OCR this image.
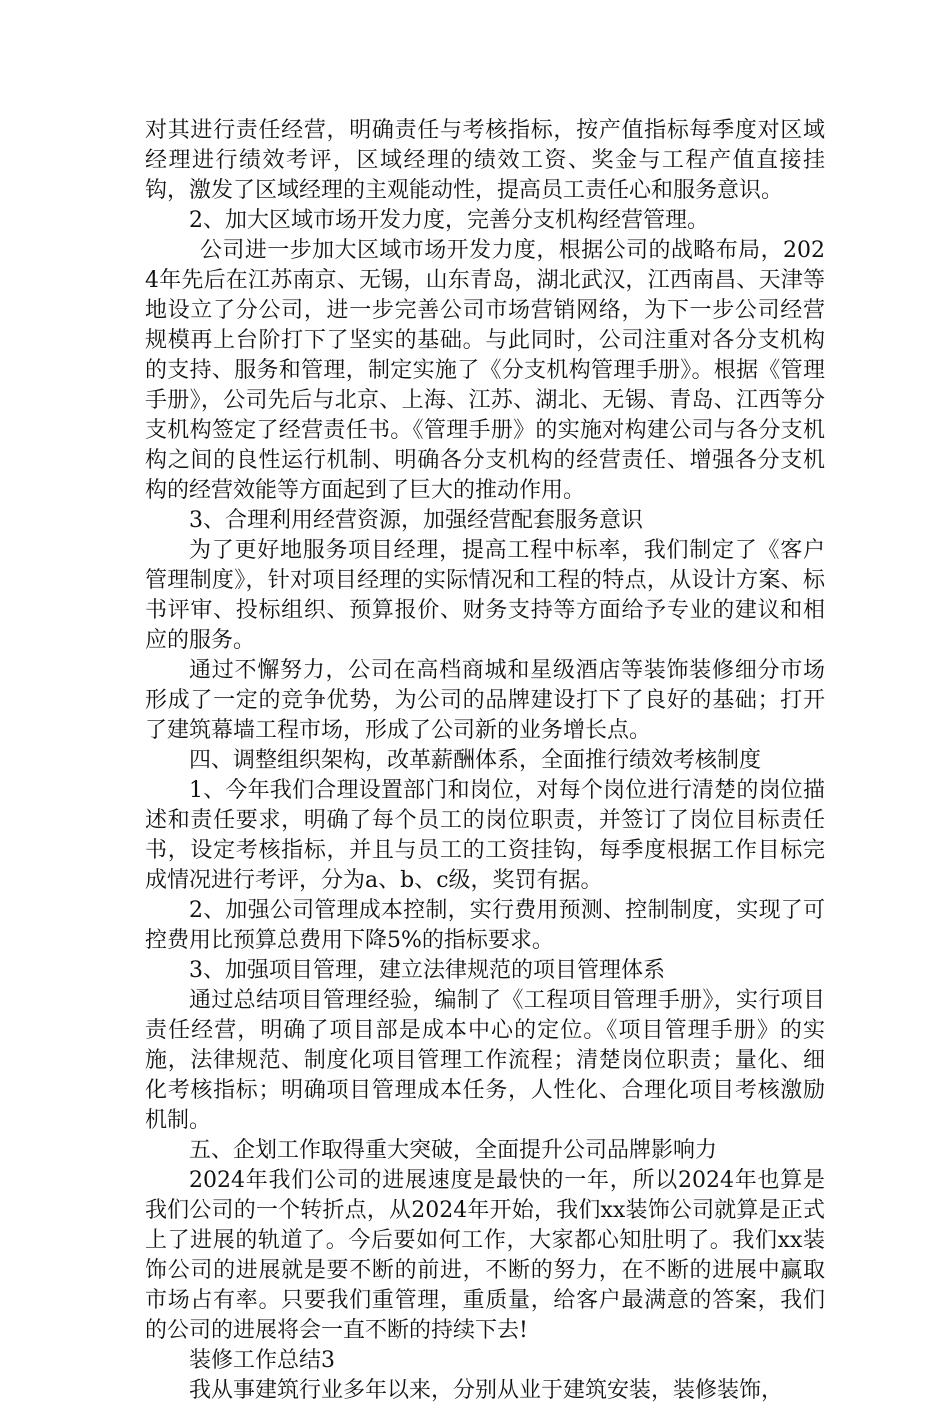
对其进行责任经营，明确责任与考核指标，按产值指标每季度对区域经理进行绩效考评，区域经理的绩效工资、奖金与工程产值直接挂钩，激发了区域经理的主观能动性，提高员工责任心和服务意识。

2、加大区域市场开发力度，完善分支机构经营管理。

公司进一步加大区域市场开发力度，根据公司的战略布局，2024年先后在江苏南京、无锡，山东青岛，湖北武汉，江西南昌、天津等地设立了分公司，进一步完善公司市场营销网络，为下一步公司经营规模再上台阶打下了坚实的基础。与此同时，公司注重对各分支机构的支持、服务和管理，制定实施了《分支机构管理手册》。根据《管理手册》，公司先后与北京、上海、江苏、湖北、无锡、青岛、江西等分支机构签定了经营责任书。《管理手册》的实施对构建公司与各分支机构之间的良性运行机制、明确各分支机构的经营责任、增强各分支机构的经营效能等方面起到了巨大的推动作用。

3、合理利用经营资源，加强经营配套服务意识

为了更好地服务项目经理，提高工程中标率，我们制定了《客户管理制度》，针对项目经理的实际情况和工程的特点，从设计方案、标书评审、投标组织、预算报价、财务支持等方面给予专业的建议和相应的服务。

通过不懈努力，公司在高档商城和星级酒店等装饰装修细分市场形成了一定的竞争优势，为公司的品牌建设打下了良好的基础；打开了建筑幕墙工程市场，形成了公司新的业务增长点。

四、调整组织架构，改革薪酬体系，全面推行绩效考核制度

1、今年我们合理设置部门和岗位，对每个岗位进行清楚的岗位描述和责任要求，明确了每个员工的岗位职责，并签订了岗位目标责任书，设定考核指标，并且与员工的工资挂钩，每季度根据工作目标完成情况进行考评，分为a、b、c级，奖罚有据。

2、加强公司管理成本控制，实行费用预测、控制制度，实现了可控费用比预算总费用下降5%的指标要求。

3、加强项目管理，建立法律规范的项目管理体系

通过总结项目管理经验，编制了《工程项目管理手册》，实行项目责任经营，明确了项目部是成本中心的定位。《项目管理手册》的实施，法律规范、制度化项目管理工作流程；清楚岗位职责；量化、细化考核指标；明确项目管理成本任务，人性化、合理化项目考核激励机制。

五、企划工作取得重大突破，全面提升公司品牌影响力

2024年我们公司的进展速度是最快的一年，所以2024年也算是我们公司的一个转折点，从2024年开始，我们xx装饰公司就算是正式上了进展的轨道了。今后要如何工作，大家都心知肚明了。我们xx装饰公司的进展就是要不断的前进，不断的努力，在不断的进展中赢取市场占有率。只要我们重管理，重质量，给客户最满意的答案，我们的公司的进展将会一直不断的持续下去!

装修工作总结3

我从事建筑行业多年以来，分别从业于建筑安装，装修装饰，
